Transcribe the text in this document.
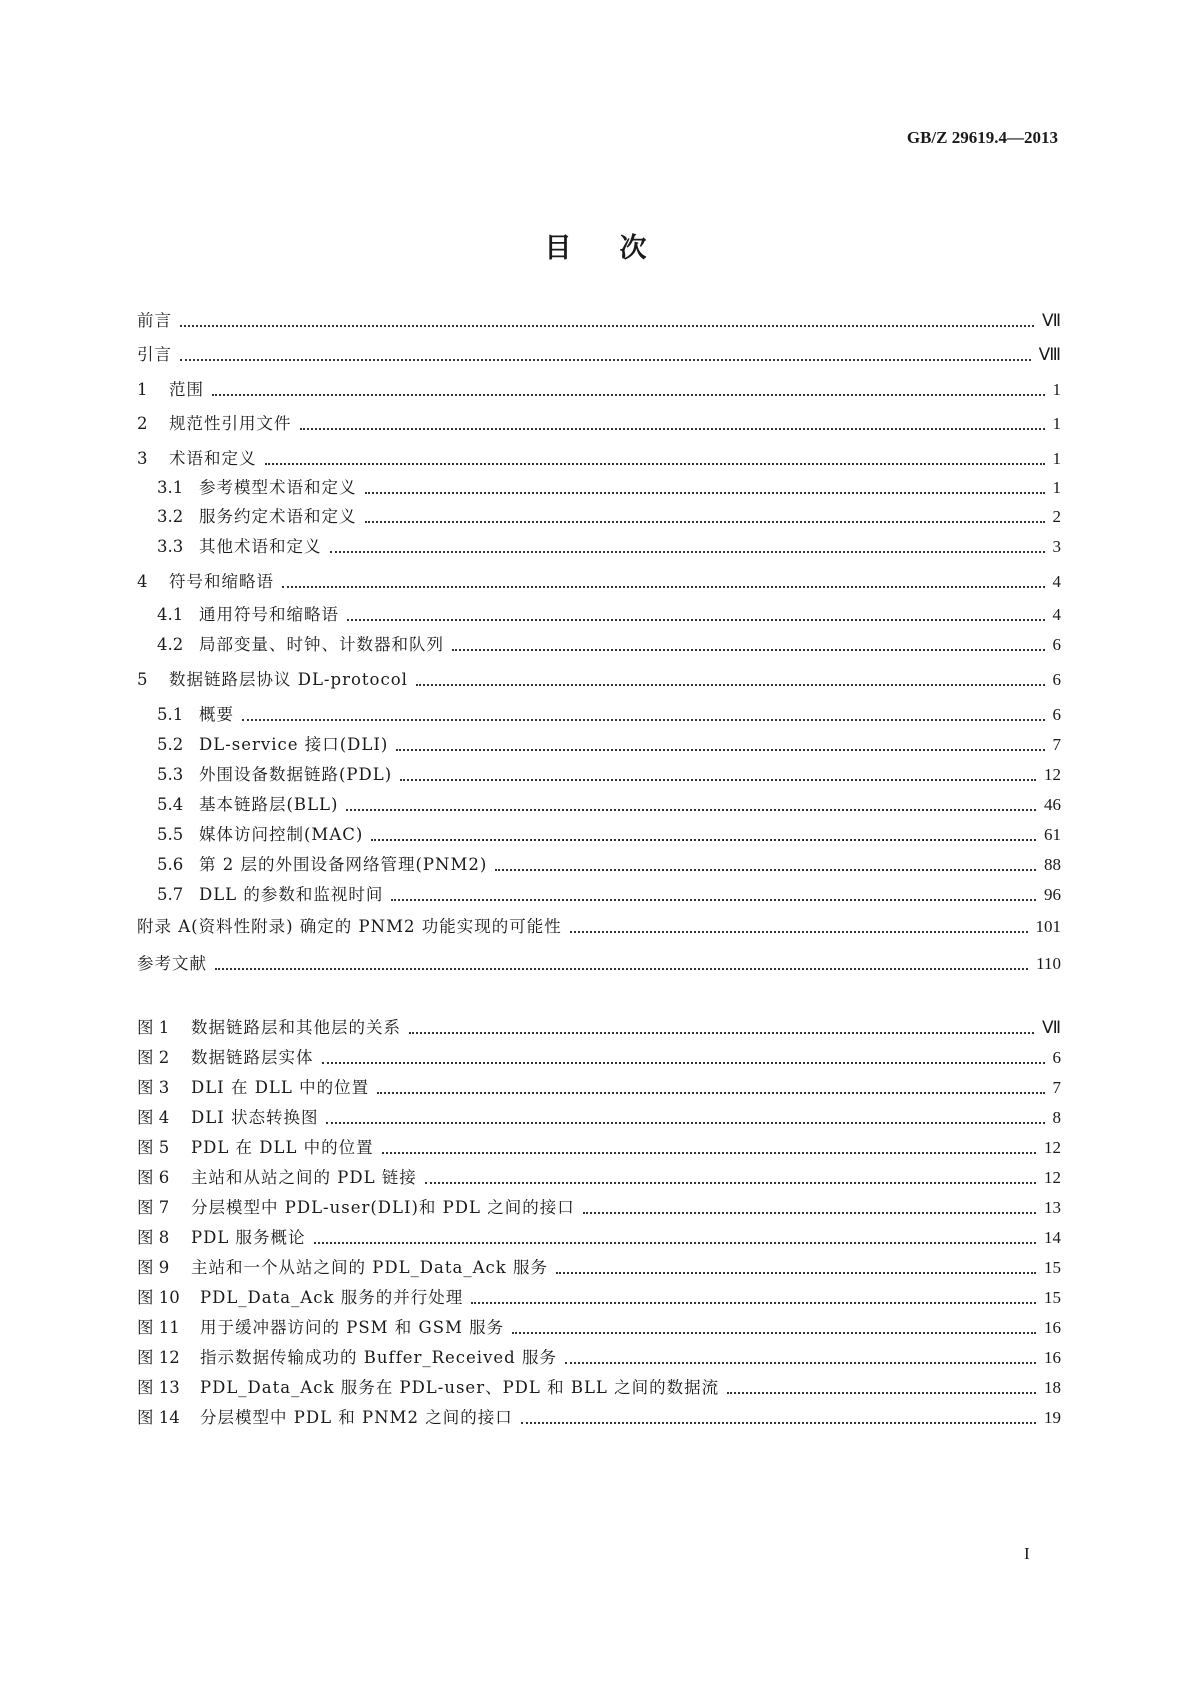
GB/Z 29619.4—2013
目次
前言	Ⅶ
引言	Ⅷ
1	范围	1
2	规范性引用文件	1
3	术语和定义	1
3.1 参考模型术语和定义	1
3.2 服务约定术语和定义	2
3.3 其他术语和定义	3
4	符号和缩略语	4
4.1 通用符号和缩略语	4
4.2 局部变量、时钟、计数器和队列	6
5	数据链路层协议 DL-protocol	6
5.1 概要	6
5.2 DL-service 接口(DLI)	7
5.3 外围设备数据链路(PDL)	12
5.4 基本链路层(BLL)	46
5.5 媒体访问控制(MAC)	61
5.6 第 2 层的外围设备网络管理(PNM2)	88
5.7 DLL 的参数和监视时间	96
附录 A(资料性附录) 确定的 PNM2 功能实现的可能性	101
参考文献	110
图 1	数据链路层和其他层的关系	Ⅶ
图 2	数据链路层实体	6
图 3	DLI 在 DLL 中的位置	7
图 4	DLI 状态转换图	8
图 5	PDL 在 DLL 中的位置	12
图 6	主站和从站之间的 PDL 链接	12
图 7	分层模型中 PDL-user(DLI)和 PDL 之间的接口	13
图 8	PDL 服务概论	14
图 9	主站和一个从站之间的 PDL_Data_Ack 服务	15
图 10	PDL_Data_Ack 服务的并行处理	15
图 11	用于缓冲器访问的 PSM 和 GSM 服务	16
图 12	指示数据传输成功的 Buffer_Received 服务	16
图 13	PDL_Data_Ack 服务在 PDL-user、PDL 和 BLL 之间的数据流	18
图 14	分层模型中 PDL 和 PNM2 之间的接口	19
I
